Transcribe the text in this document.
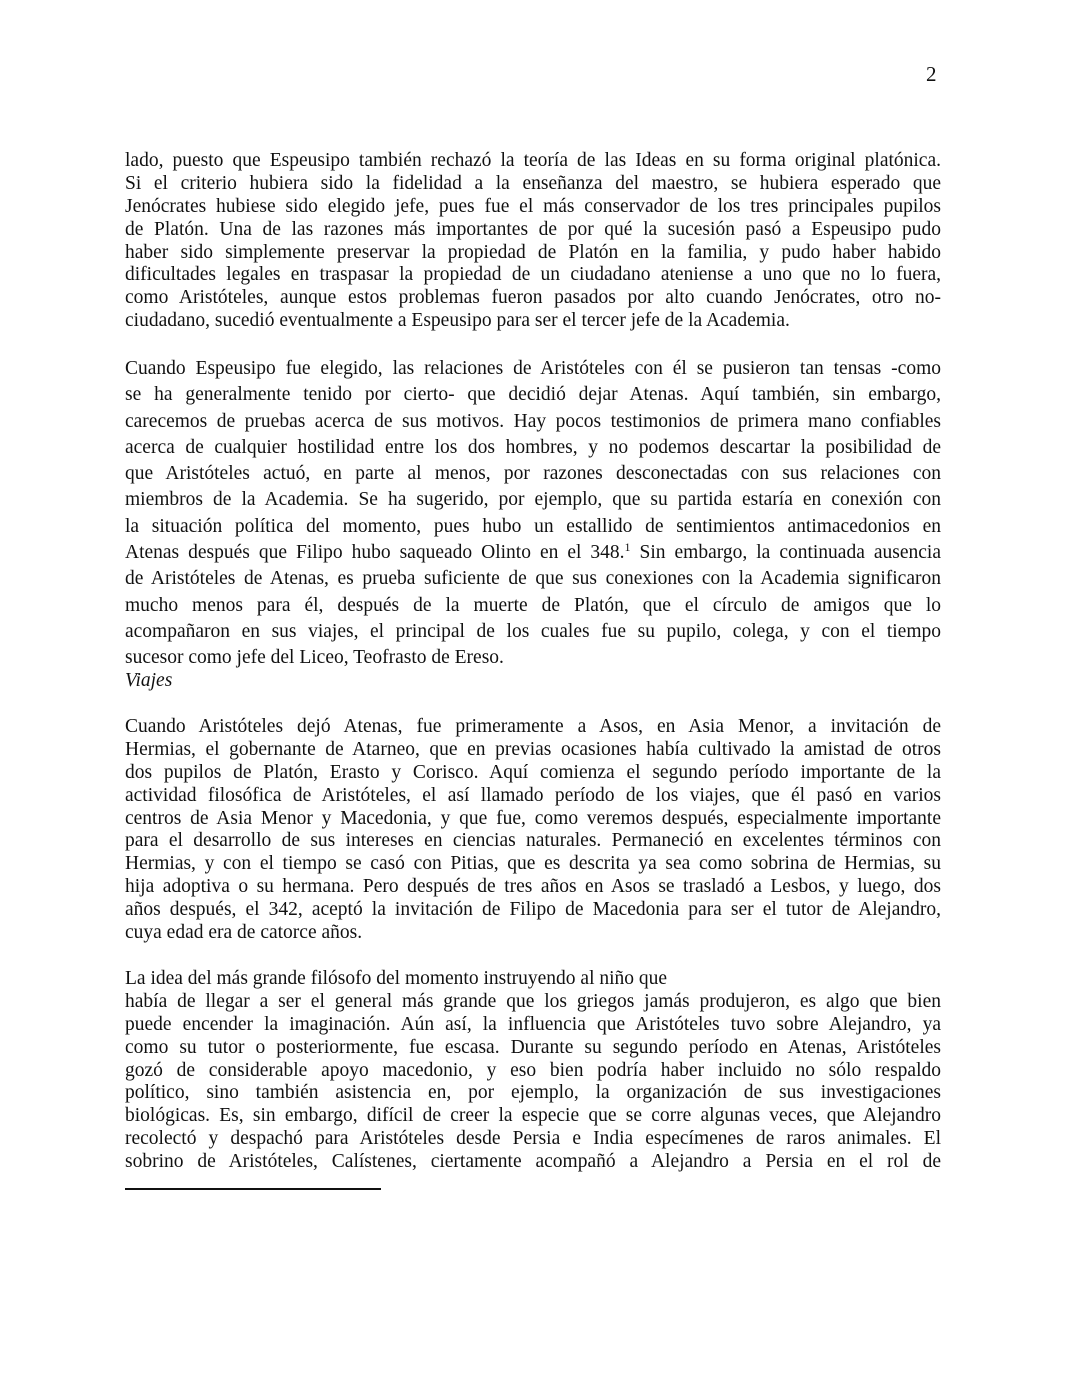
2
lado, puesto que Espeusipo también rechazó la teoría de las Ideas en su forma original platónica.
Si el criterio hubiera sido la fidelidad a la enseñanza del maestro, se hubiera esperado que
Jenócrates hubiese sido elegido jefe, pues fue el más conservador de los tres principales pupilos
de Platón. Una de las razones más importantes de por qué la sucesión pasó a Espeusipo pudo
haber sido simplemente preservar la propiedad de Platón en la familia, y pudo haber habido
dificultades legales en traspasar la propiedad de un ciudadano ateniense a uno que no lo fuera,
como Aristóteles, aunque estos problemas fueron pasados por alto cuando Jenócrates, otro no-
ciudadano, sucedió eventualmente a Espeusipo para ser el tercer jefe de la Academia.
Cuando Espeusipo fue elegido, las relaciones de Aristóteles con él se pusieron tan tensas -como
se ha generalmente tenido por cierto- que decidió dejar Atenas. Aquí también, sin embargo,
carecemos de pruebas acerca de sus motivos. Hay pocos testimonios de primera mano confiables
acerca de cualquier hostilidad entre los dos hombres, y no podemos descartar la posibilidad de
que Aristóteles actuó, en parte al menos, por razones desconectadas con sus relaciones con
miembros de la Academia. Se ha sugerido, por ejemplo, que su partida estaría en conexión con
la situación política del momento, pues hubo un estallido de sentimientos antimacedonios en
Atenas después que Filipo hubo saqueado Olinto en el 348.$^1$ Sin embargo, la continuada ausencia
de Aristóteles de Atenas, es prueba suficiente de que sus conexiones con la Academia significaron
mucho menos para él, después de la muerte de Platón, que el círculo de amigos que lo
acompañaron en sus viajes, el principal de los cuales fue su pupilo, colega, y con el tiempo
sucesor como jefe del Liceo, Teofrasto de Ereso.
Viajes
Cuando Aristóteles dejó Atenas, fue primeramente a Asos, en Asia Menor, a invitación de
Hermias, el gobernante de Atarneo, que en previas ocasiones había cultivado la amistad de otros
dos pupilos de Platón, Erasto y Corisco. Aquí comienza el segundo período importante de la
actividad filosófica de Aristóteles, el así llamado período de los viajes, que él pasó en varios
centros de Asia Menor y Macedonia, y que fue, como veremos después, especialmente importante
para el desarrollo de sus intereses en ciencias naturales. Permaneció en excelentes términos con
Hermias, y con el tiempo se casó con Pitias, que es descrita ya sea como sobrina de Hermias, su
hija adoptiva o su hermana. Pero después de tres años en Asos se trasladó a Lesbos, y luego, dos
años después, el 342, aceptó la invitación de Filipo de Macedonia para ser el tutor de Alejandro,
cuya edad era de catorce años.
La idea del más grande filósofo del momento instruyendo al niño que
había de llegar a ser el general más grande que los griegos jamás produjeron, es algo que bien
puede encender la imaginación. Aún así, la influencia que Aristóteles tuvo sobre Alejandro, ya
como su tutor o posteriormente, fue escasa. Durante su segundo período en Atenas, Aristóteles
gozó de considerable apoyo macedonio, y eso bien podría haber incluido no sólo respaldo
político, sino también asistencia en, por ejemplo, la organización de sus investigaciones
biológicas. Es, sin embargo, difícil de creer la especie que se corre algunas veces, que Alejandro
recolectó y despachó para Aristóteles desde Persia e India especímenes de raros animales. El
sobrino de Aristóteles, Calístenes, ciertamente acompañó a Alejandro a Persia en el rol de
